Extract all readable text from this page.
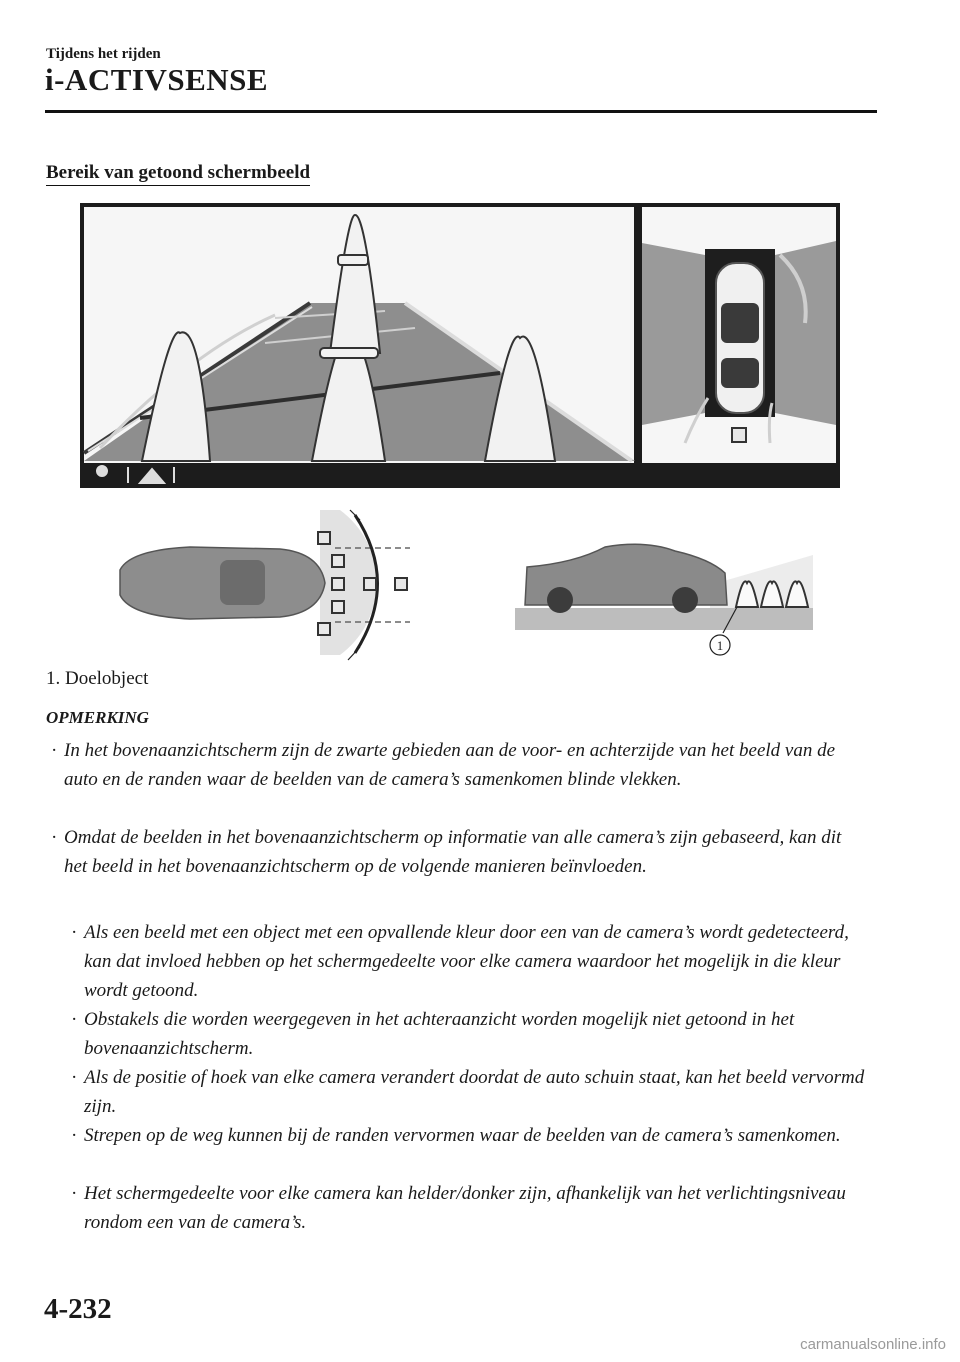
Tijdens het rijden
i-ACTIVSENSE
Bereik van getoond schermbeeld
1
1. Doelobject
OPMERKING
· In het bovenaanzichtscherm zijn de zwarte gebieden aan de voor- en achterzijde van het beeld van de auto en de randen waar de beelden van de camera’s samenkomen blinde vlekken.
· Omdat de beelden in het bovenaanzichtscherm op informatie van alle camera’s zijn gebaseerd, kan dit het beeld in het bovenaanzichtscherm op de volgende manieren beïnvloeden.
· Als een beeld met een object met een opvallende kleur door een van de camera’s wordt gedetecteerd, kan dat invloed hebben op het schermgedeelte voor elke camera waardoor het mogelijk in die kleur wordt getoond.
· Obstakels die worden weergegeven in het achteraanzicht worden mogelijk niet getoond in het bovenaanzichtscherm.
· Als de positie of hoek van elke camera verandert doordat de auto schuin staat, kan het beeld vervormd zijn.
· Strepen op de weg kunnen bij de randen vervormen waar de beelden van de camera’s samenkomen.
· Het schermgedeelte voor elke camera kan helder/donker zijn, afhankelijk van het verlichtingsniveau rondom een van de camera’s.
4-232
carmanualsonline.info
